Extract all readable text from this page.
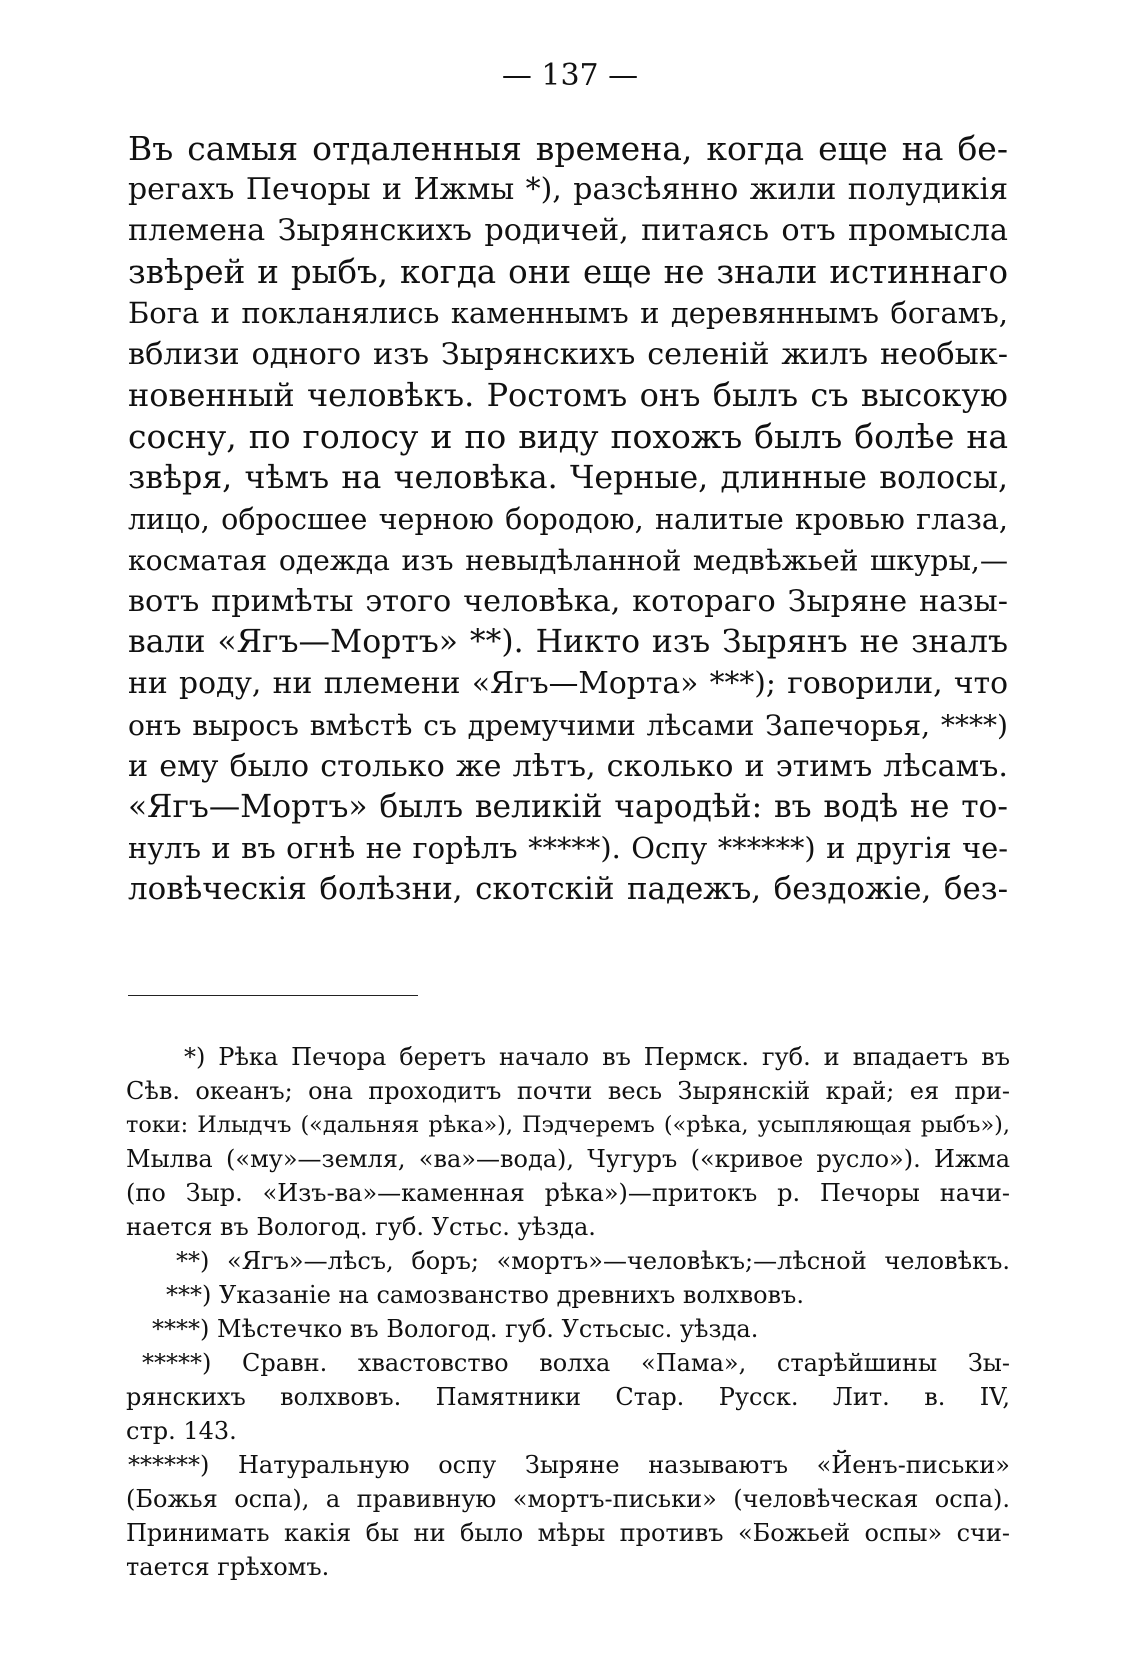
— 137 —
Въ самыя отдаленныя времена, когда еще на бе-
регахъ Печоры и Ижмы *), разсѣянно жили полудикія
племена Зырянскихъ родичей, питаясь отъ промысла
звѣрей и рыбъ, когда они еще не знали истиннаго
Бога и покланялись каменнымъ и деревяннымъ богамъ,
вблизи одного изъ Зырянскихъ селеній жилъ необык-
новенный человѣкъ. Ростомъ онъ былъ съ высокую
сосну, по голосу и по виду похожъ былъ болѣе на
звѣря, чѣмъ на человѣка. Черные, длинные волосы,
лицо, обросшее черною бородою, налитые кровью глаза,
косматая одежда изъ невыдѣланной медвѣжьей шкуры,—
вотъ примѣты этого человѣка, котораго Зыряне назы-
вали «Ягъ—Мортъ» **). Никто изъ Зырянъ не зналъ
ни роду, ни племени «Ягъ—Морта» ***); говорили, что
онъ выросъ вмѣстѣ съ дремучими лѣсами Запечорья, ****)
и ему было столько же лѣтъ, сколько и этимъ лѣсамъ.
«Ягъ—Мортъ» былъ великій чародѣй: въ водѣ не то-
нулъ и въ огнѣ не горѣлъ *****). Оспу ******) и другія че-
ловѣческія болѣзни, скотскій падежъ, бездожіе, без-
*) Рѣка Печора беретъ начало въ Пермск. губ. и впадаетъ въ
Сѣв. океанъ; она проходитъ почти весь Зырянскій край; ея при-
токи: Илыдчъ («дальняя рѣка»), Пэдчеремъ («рѣка, усыпляющая рыбъ»),
Мылва («му»—земля, «ва»—вода), Чугуръ («кривое русло»). Ижма
(по Зыр. «Изъ-ва»—каменная рѣка»)—притокъ р. Печоры начи-
нается въ Вологод. губ. Устьс. уѣзда.
**) «Ягъ»—лѣсъ, боръ; «мортъ»—человѣкъ;—лѣсной человѣкъ.
***) Указаніе на самозванство древнихъ волхвовъ.
****) Мѣстечко въ Вологод. губ. Устьсыс. уѣзда.
*****) Сравн. хвастовство волха «Пама», старѣйшины Зы-
рянскихъ волхвовъ. Памятники Стар. Русск. Лит. в. IV,
стр. 143.
******) Натуральную оспу Зыряне называютъ «Йенъ-письки»
(Божья оспа), а правивную «мортъ-письки» (человѣческая оспа).
Принимать какія бы ни было мѣры противъ «Божьей оспы» счи-
тается грѣхомъ.
